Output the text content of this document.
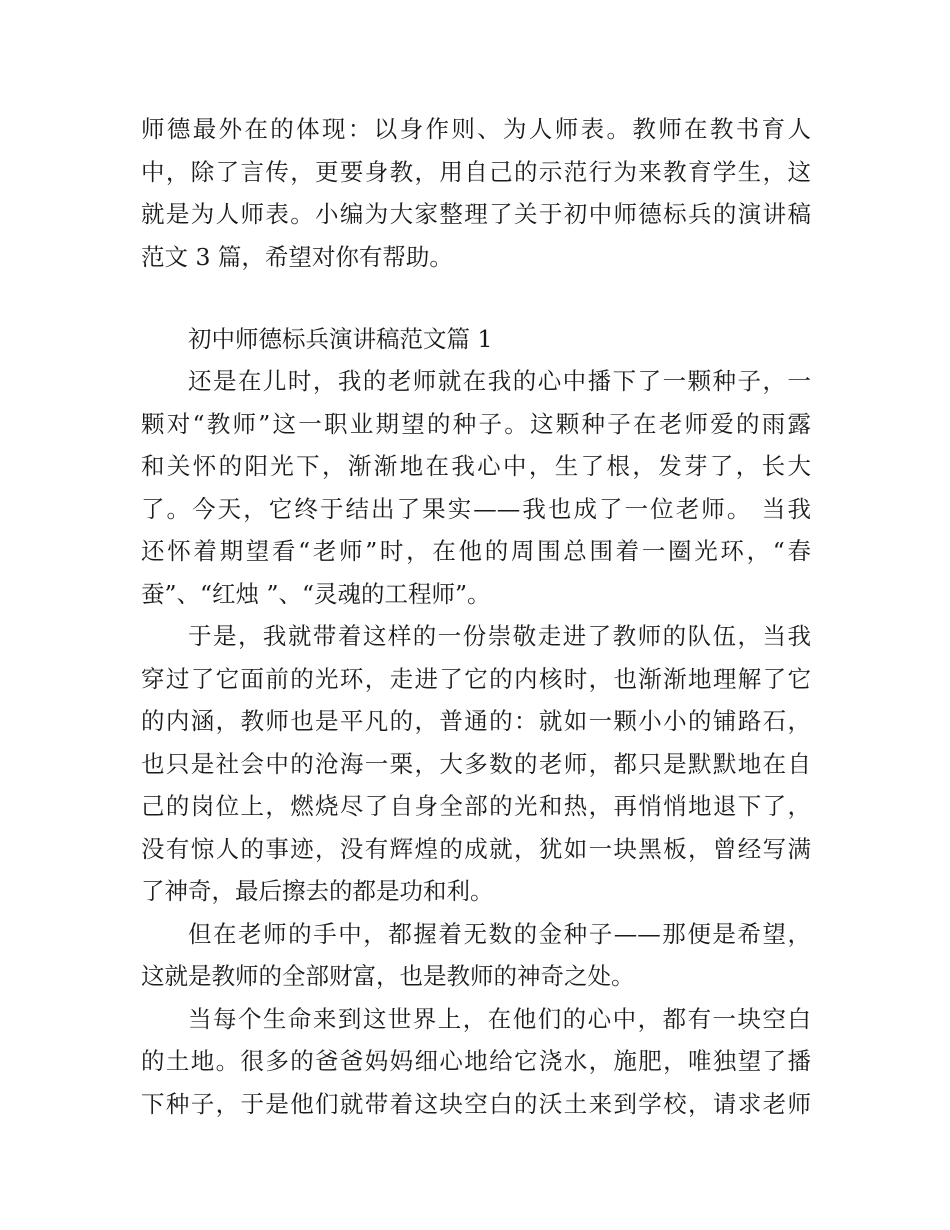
师德最外在的体现：以身作则、为人师表。教师在教书育人
中，除了言传，更要身教，用自己的示范行为来教育学生，这
就是为人师表。小编为大家整理了关于初中师德标兵的演讲稿
范文 3 篇，希望对你有帮助。
初中师德标兵演讲稿范文篇 1
还是在儿时，我的老师就在我的心中播下了一颗种子，一
颗对“教师”这一职业期望的种子。这颗种子在老师爱的雨露
和关怀的阳光下，渐渐地在我心中，生了根，发芽了，长大
了。今天，它终于结出了果实——我也成了一位老师。 当我
还怀着期望看“老师”时，在他的周围总围着一圈光环，“春
蚕”、“红烛 ”、“灵魂的工程师”。
于是，我就带着这样的一份崇敬走进了教师的队伍，当我
穿过了它面前的光环，走进了它的内核时，也渐渐地理解了它
的内涵，教师也是平凡的，普通的：就如一颗小小的铺路石，
也只是社会中的沧海一栗，大多数的老师，都只是默默地在自
己的岗位上，燃烧尽了自身全部的光和热，再悄悄地退下了，
没有惊人的事迹，没有辉煌的成就，犹如一块黑板，曾经写满
了神奇，最后擦去的都是功和利。
但在老师的手中，都握着无数的金种子——那便是希望，
这就是教师的全部财富，也是教师的神奇之处。
当每个生命来到这世界上，在他们的心中，都有一块空白
的土地。很多的爸爸妈妈细心地给它浇水，施肥，唯独望了播
下种子，于是他们就带着这块空白的沃土来到学校，请求老师
